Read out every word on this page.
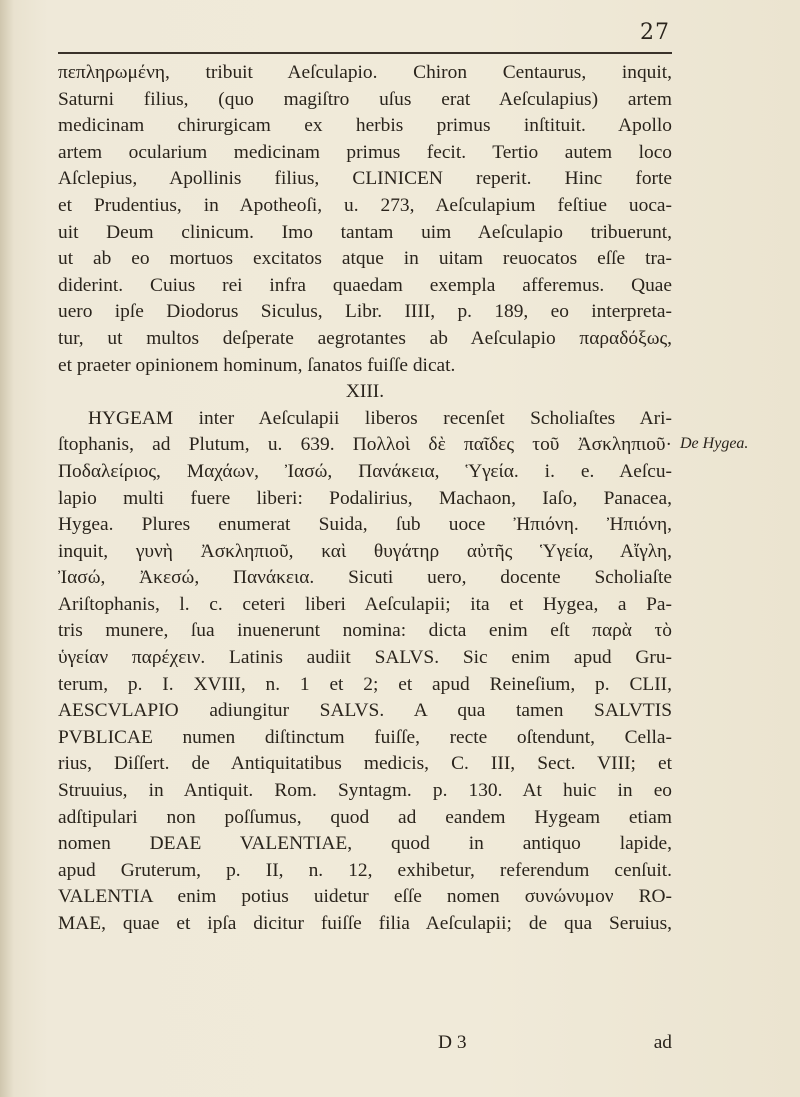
27
πεπληρωμένη, tribuit Aeſculapio. Chiron Centaurus, inquit,
Saturni filius, (quo magiſtro uſus erat Aeſculapius) artem
medicinam chirurgicam ex herbis primus inſtituit. Apollo
artem ocularium medicinam primus fecit. Tertio autem loco
Aſclepius, Apollinis filius, CLINICEN reperit. Hinc forte
et Prudentius, in Apotheoſi, u. 273, Aeſculapium feſtiue uoca-
uit Deum clinicum. Imo tantam uim Aeſculapio tribuerunt,
ut ab eo mortuos excitatos atque in uitam reuocatos eſſe tra-
diderint. Cuius rei infra quaedam exempla afferemus. Quae
uero ipſe Diodorus Siculus, Libr. IIII, p. 189, eo interpreta-
tur, ut multos deſperate aegrotantes ab Aeſculapio παραδόξως,
et praeter opinionem hominum, ſanatos fuiſſe dicat.
XIII.
HYGEAM inter Aeſculapii liberos recenſet Scholiaſtes Ari-
ſtophanis, ad Plutum, u. 639. Πολλοὶ δὲ παῖδες τοῦ Ἀσκληπιοῦ·
Ποδαλείριος, Μαχάων, Ἰασώ, Πανάκεια, Ὑγεία. i. e. Aeſcu-
lapio multi fuere liberi: Podalirius, Machaon, Iaſo, Panacea,
Hygea. Plures enumerat Suida, ſub uoce Ἠπιόνη. Ἠπιόνη,
inquit, γυνὴ Ἀσκληπιοῦ, καὶ θυγάτηρ αὐτῆς Ὑγεία, Αἴγλη,
Ἰασώ, Ἀκεσώ, Πανάκεια. Sicuti uero, docente Scholiaſte
Ariſtophanis, l. c. ceteri liberi Aeſculapii; ita et Hygea, a Pa-
tris munere, ſua inuenerunt nomina: dicta enim eſt παρὰ τὸ
ὑγείαν παρέχειν. Latinis audiit SALVS. Sic enim apud Gru-
terum, p. I. XVIII, n. 1 et 2; et apud Reineſium, p. CLII,
AESCVLAPIO adiungitur SALVS. A qua tamen SALVTIS
PVBLICAE numen diſtinctum fuiſſe, recte oſtendunt, Cella-
rius, Diſſert. de Antiquitatibus medicis, C. III, Sect. VIII; et
Struuius, in Antiquit. Rom. Syntagm. p. 130. At huic in eo
adſtipulari non poſſumus, quod ad eandem Hygeam etiam
nomen DEAE VALENTIAE, quod in antiquo lapide,
apud Gruterum, p. II, n. 12, exhibetur, referendum cenſuit.
VALENTIA enim potius uidetur eſſe nomen συνώνυμον RO-
MAE, quae et ipſa dicitur fuiſſe filia Aeſculapii; de qua Seruius,
De Hygea.
D 3	ad
